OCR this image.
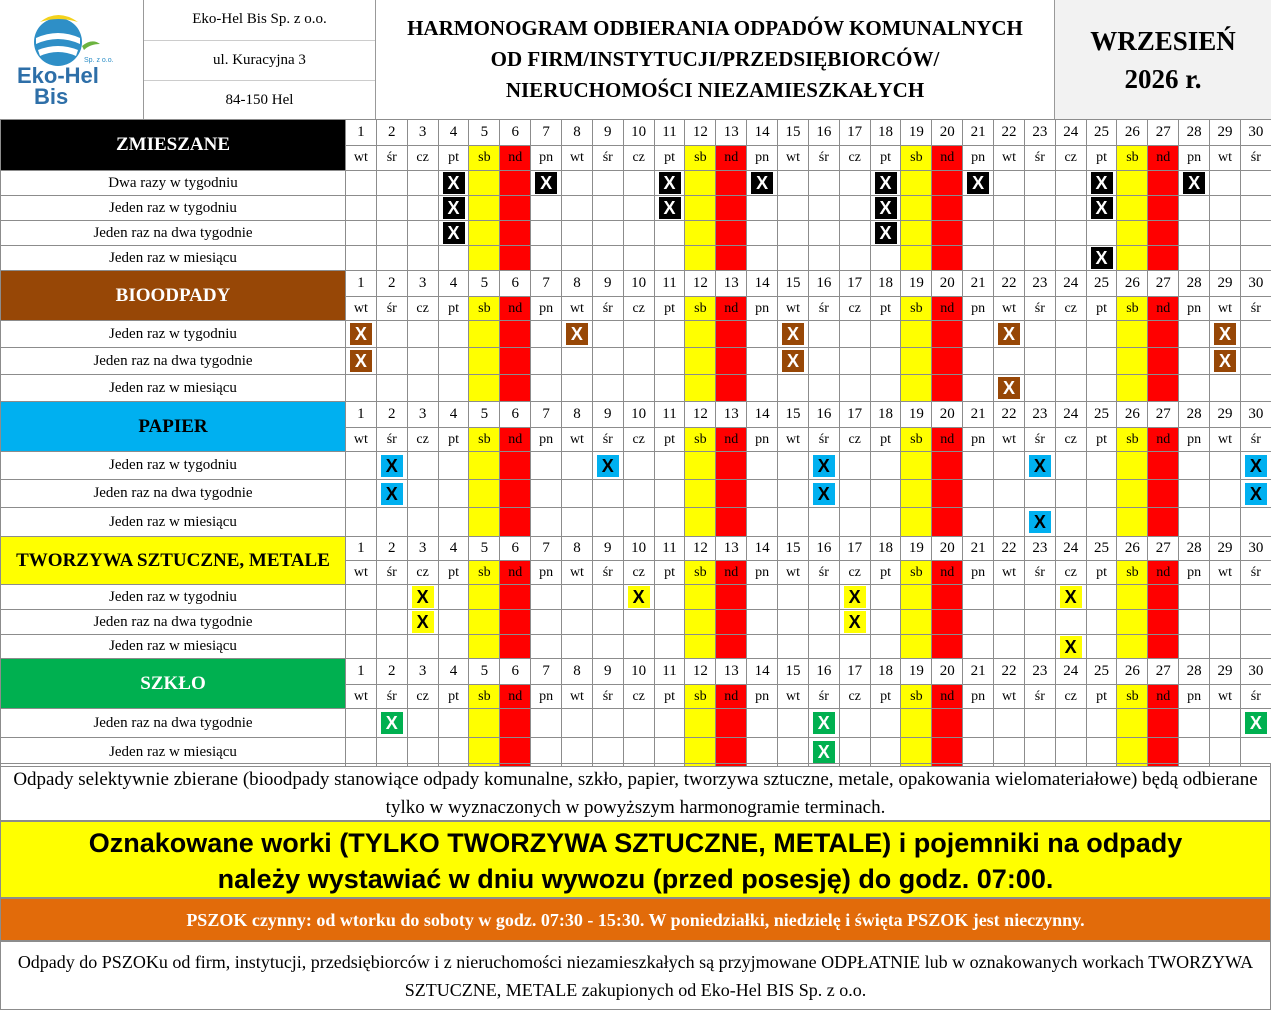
Sp. z o.o.
Eko-Hel
Bis
Eko-Hel Bis Sp. z o.o.
ul. Kuracyjna 3
84-150 Hel
HARMONOGRAM ODBIERANIA ODPADÓW KOMUNALNYCH
OD FIRM/INSTYTUCJI/PRZEDSIĘBIORCÓW/
NIERUCHOMOŚCI NIEZAMIESZKAŁYCH
WRZESIEŃ
2026 r.
ZMIESZANE	1	2	3	4	5	6	7	8	9	10	11	12	13	14	15	16	17	18	19	20	21	22	23	24	25	26	27	28	29	30
	wt	śr	cz	pt	sb	nd	pn	wt	śr	cz	pt	sb	nd	pn	wt	śr	cz	pt	sb	nd	pn	wt	śr	cz	pt	sb	nd	pn	wt	śr
Dwa razy w tygodniu				X			X				X			X				X			X				X			X		
Jeden raz w tygodniu				X							X							X							X					
Jeden raz na dwa tygodnie				X														X												
Jeden raz w miesiącu																									X					
BIOODPADY	1	2	3	4	5	6	7	8	9	10	11	12	13	14	15	16	17	18	19	20	21	22	23	24	25	26	27	28	29	30
	wt	śr	cz	pt	sb	nd	pn	wt	śr	cz	pt	sb	nd	pn	wt	śr	cz	pt	sb	nd	pn	wt	śr	cz	pt	sb	nd	pn	wt	śr
Jeden raz w tygodniu	X							X							X							X							X	
Jeden raz na dwa tygodnie	X														X														X	
Jeden raz w miesiącu																						X								
PAPIER	1	2	3	4	5	6	7	8	9	10	11	12	13	14	15	16	17	18	19	20	21	22	23	24	25	26	27	28	29	30
	wt	śr	cz	pt	sb	nd	pn	wt	śr	cz	pt	sb	nd	pn	wt	śr	cz	pt	sb	nd	pn	wt	śr	cz	pt	sb	nd	pn	wt	śr
Jeden raz w tygodniu		X							X							X							X							X
Jeden raz na dwa tygodnie		X														X														X
Jeden raz w miesiącu																							X							
TWORZYWA SZTUCZNE, METALE	1	2	3	4	5	6	7	8	9	10	11	12	13	14	15	16	17	18	19	20	21	22	23	24	25	26	27	28	29	30
	wt	śr	cz	pt	sb	nd	pn	wt	śr	cz	pt	sb	nd	pn	wt	śr	cz	pt	sb	nd	pn	wt	śr	cz	pt	sb	nd	pn	wt	śr
Jeden raz w tygodniu			X							X							X							X						
Jeden raz na dwa tygodnie			X														X													
Jeden raz w miesiącu																								X						
SZKŁO	1	2	3	4	5	6	7	8	9	10	11	12	13	14	15	16	17	18	19	20	21	22	23	24	25	26	27	28	29	30
	wt	śr	cz	pt	sb	nd	pn	wt	śr	cz	pt	sb	nd	pn	wt	śr	cz	pt	sb	nd	pn	wt	śr	cz	pt	sb	nd	pn	wt	śr
Jeden raz na dwa tygodnie		X														X														X
Jeden raz w miesiącu																X														
Odpady selektywnie zbierane (bioodpady stanowiące odpady komunalne, szkło, papier, tworzywa sztuczne, metale, opakowania wielomateriałowe) będą odbierane tylko w wyznaczonych w powyższym harmonogramie terminach.
Oznakowane worki (TYLKO TWORZYWA SZTUCZNE, METALE) i pojemniki na odpady
należy wystawiać w dniu wywozu (przed posesję) do godz. 07:00.
PSZOK czynny: od wtorku do soboty w godz. 07:30 - 15:30. W poniedziałki, niedzielę i święta PSZOK jest nieczynny.
Odpady do PSZOKu od firm, instytucji, przedsiębiorców i z nieruchomości niezamieszkałych są przyjmowane ODPŁATNIE lub w oznakowanych workach TWORZYWA SZTUCZNE, METALE zakupionych od Eko-Hel BIS Sp. z o.o.
